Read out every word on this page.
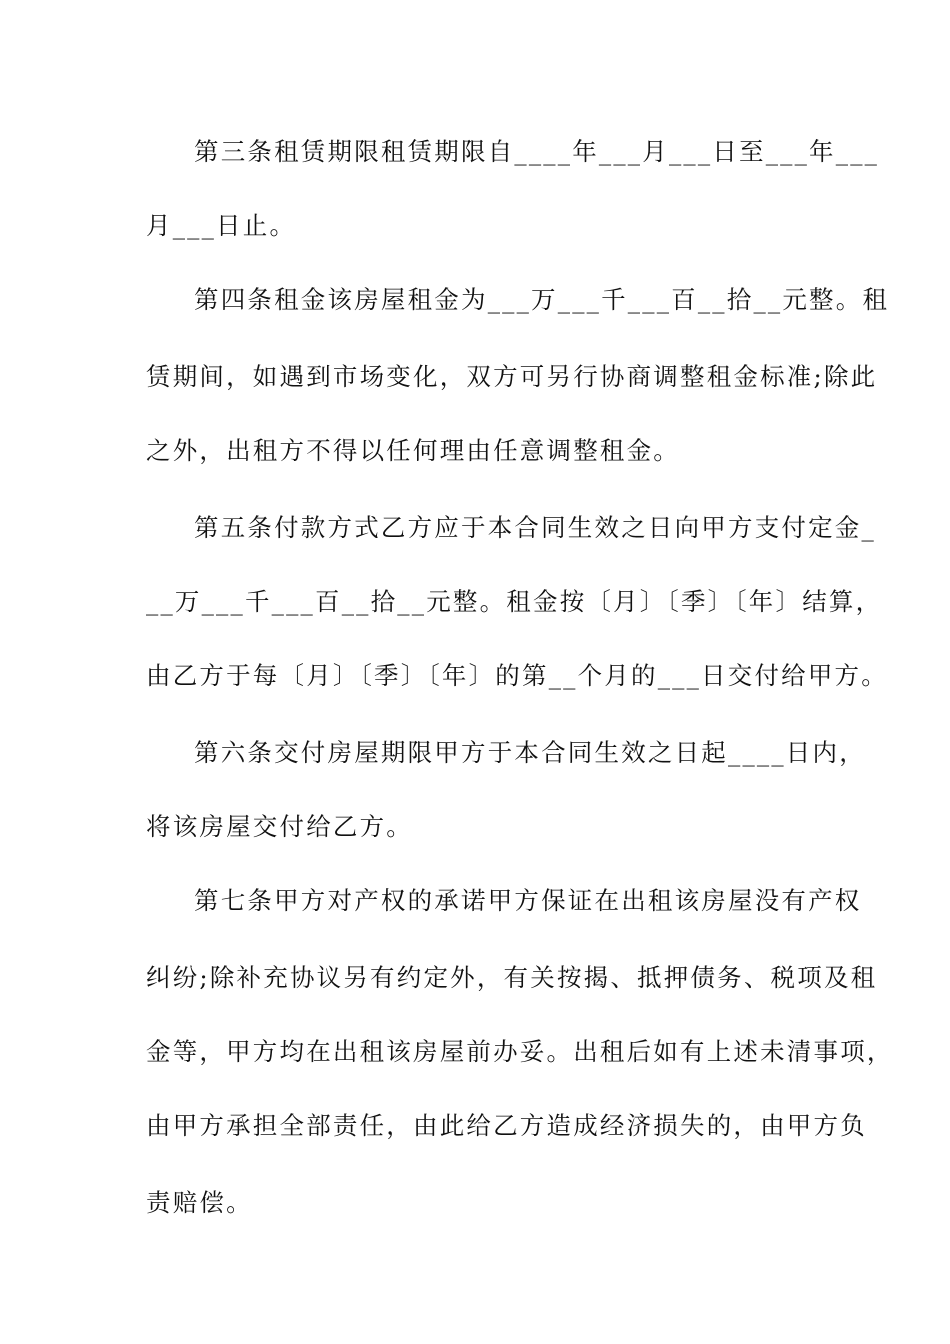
第三条租赁期限租赁期限自____年___月___日至___年___
月___日止。
第四条租金该房屋租金为___万___千___百__拾__元整。租
赁期间，如遇到市场变化，双方可另行协商调整租金标准;除此
之外，出租方不得以任何理由任意调整租金。
第五条付款方式乙方应于本合同生效之日向甲方支付定金_
__万___千___百__拾__元整。租金按〔月〕〔季〕〔年〕结算，
由乙方于每〔月〕〔季〕〔年〕的第__个月的___日交付给甲方。
第六条交付房屋期限甲方于本合同生效之日起____日内，
将该房屋交付给乙方。
第七条甲方对产权的承诺甲方保证在出租该房屋没有产权
纠纷;除补充协议另有约定外，有关按揭、抵押债务、税项及租
金等，甲方均在出租该房屋前办妥。出租后如有上述未清事项，
由甲方承担全部责任，由此给乙方造成经济损失的，由甲方负
责赔偿。
